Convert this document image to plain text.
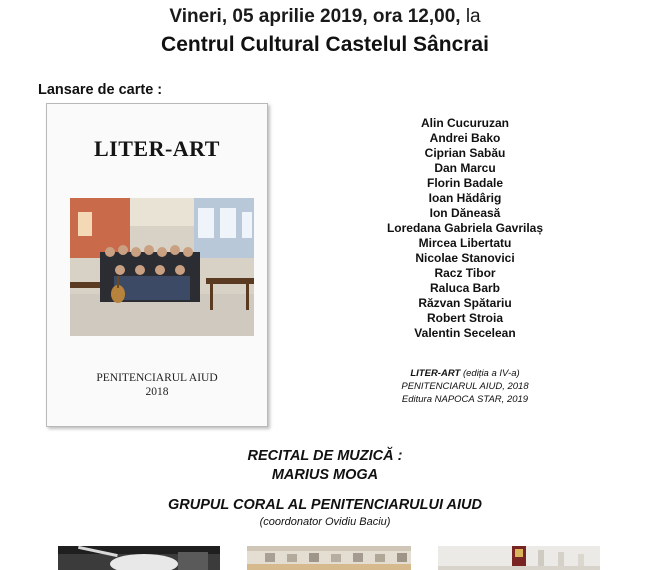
Vineri, 05 aprilie 2019, ora 12,00, la
Centrul Cultural Castelul Sâncrai
Lansare de carte :
LITER-ART
PENITENCIARUL AIUD
2018
Alin Cucuruzan
Andrei Bako
Ciprian Sabău
Dan Marcu
Florin Badale
Ioan Hădârig
Ion Dăneasă
Loredana Gabriela Gavrilaș
Mircea Libertatu
Nicolae Stanovici
Racz Tibor
Raluca Barb
Răzvan Spătariu
Robert Stroia
Valentin Secelean
LITER-ART (ediția a IV-a)
PENITENCIARUL AIUD, 2018
Editura NAPOCA STAR, 2019
RECITAL DE MUZICĂ :
MARIUS MOGA
GRUPUL CORAL AL PENITENCIARULUI AIUD
(coordonator Ovidiu Baciu)
